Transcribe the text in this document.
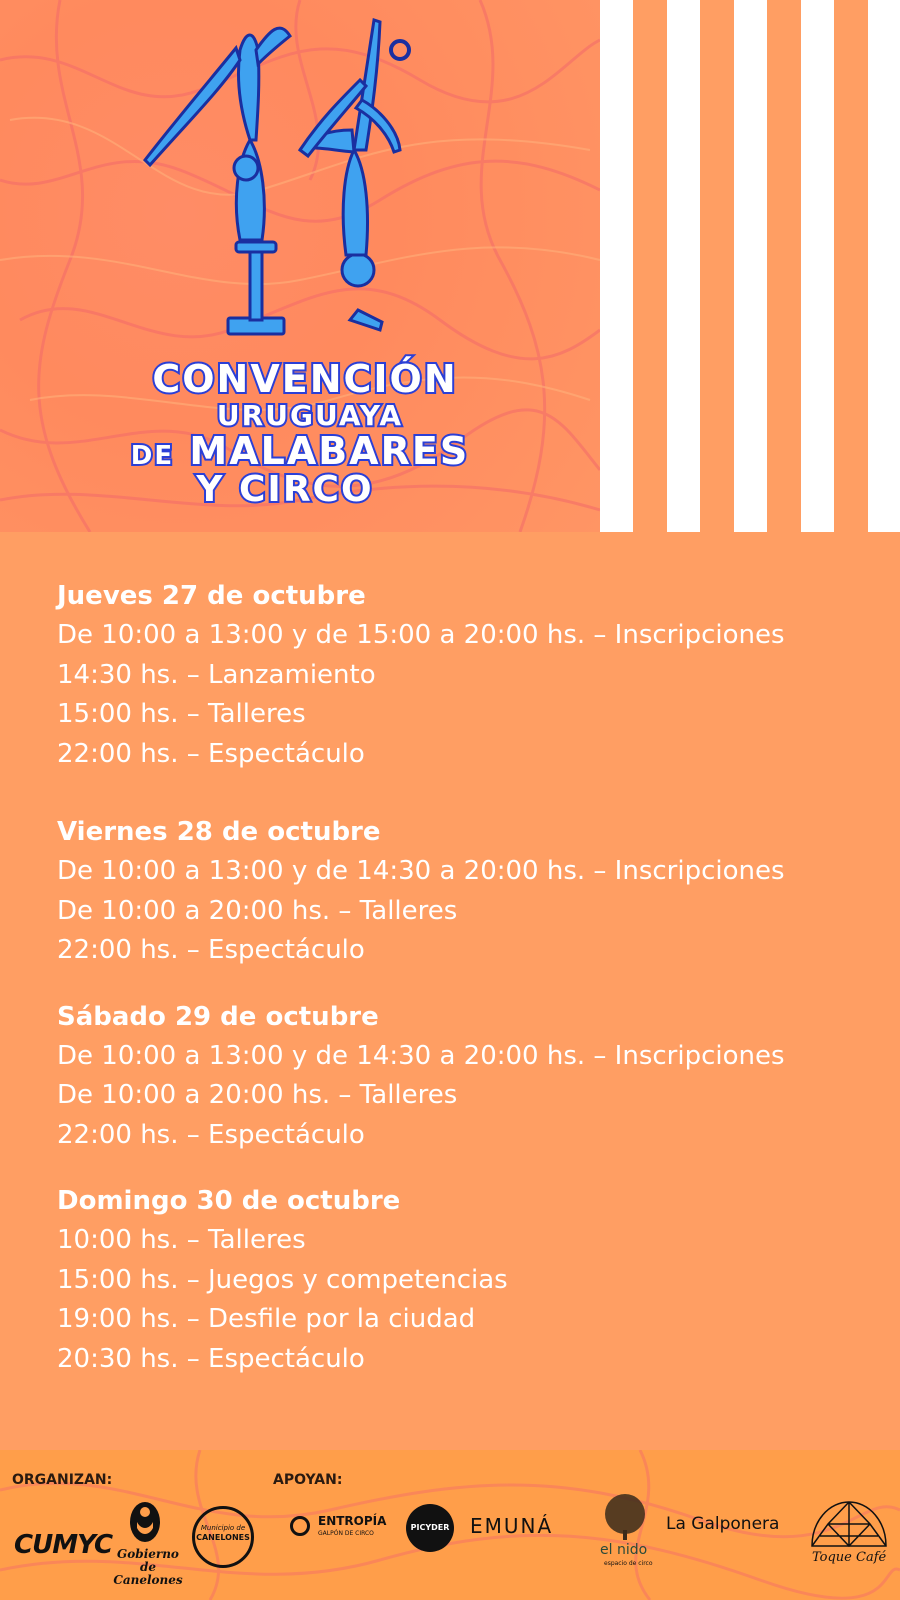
CONVENCIÓN
URUGUAYA
DE MALABARES
Y CIRCO
Jueves 27 de octubre
De 10:00 a 13:00 y de 15:00 a 20:00 hs. – Inscripciones
14:30 hs. – Lanzamiento
15:00 hs. – Talleres
22:00 hs. – Espectáculo
Viernes 28 de octubre
De 10:00 a 13:00 y de 14:30 a 20:00 hs. – Inscripciones
De 10:00 a 20:00 hs. – Talleres
22:00 hs. – Espectáculo
Sábado 29 de octubre
De 10:00 a 13:00 y de 14:30 a 20:00 hs. – Inscripciones
De 10:00 a 20:00 hs. – Talleres
22:00 hs. – Espectáculo
Domingo 30 de octubre
10:00 hs. – Talleres
15:00 hs. – Juegos y competencias
19:00 hs. – Desfile por la ciudad
20:30 hs. – Espectáculo
ORGANIZAN:	APOYAN:
CUMYC Gobierno de Canelones
Municipio de
CANELONES
ENTROPÍA
GALPÓN DE CIRCO
PICYDER EMUNÁ
el nido
espacio de circo
La Galponera
Toque Café
